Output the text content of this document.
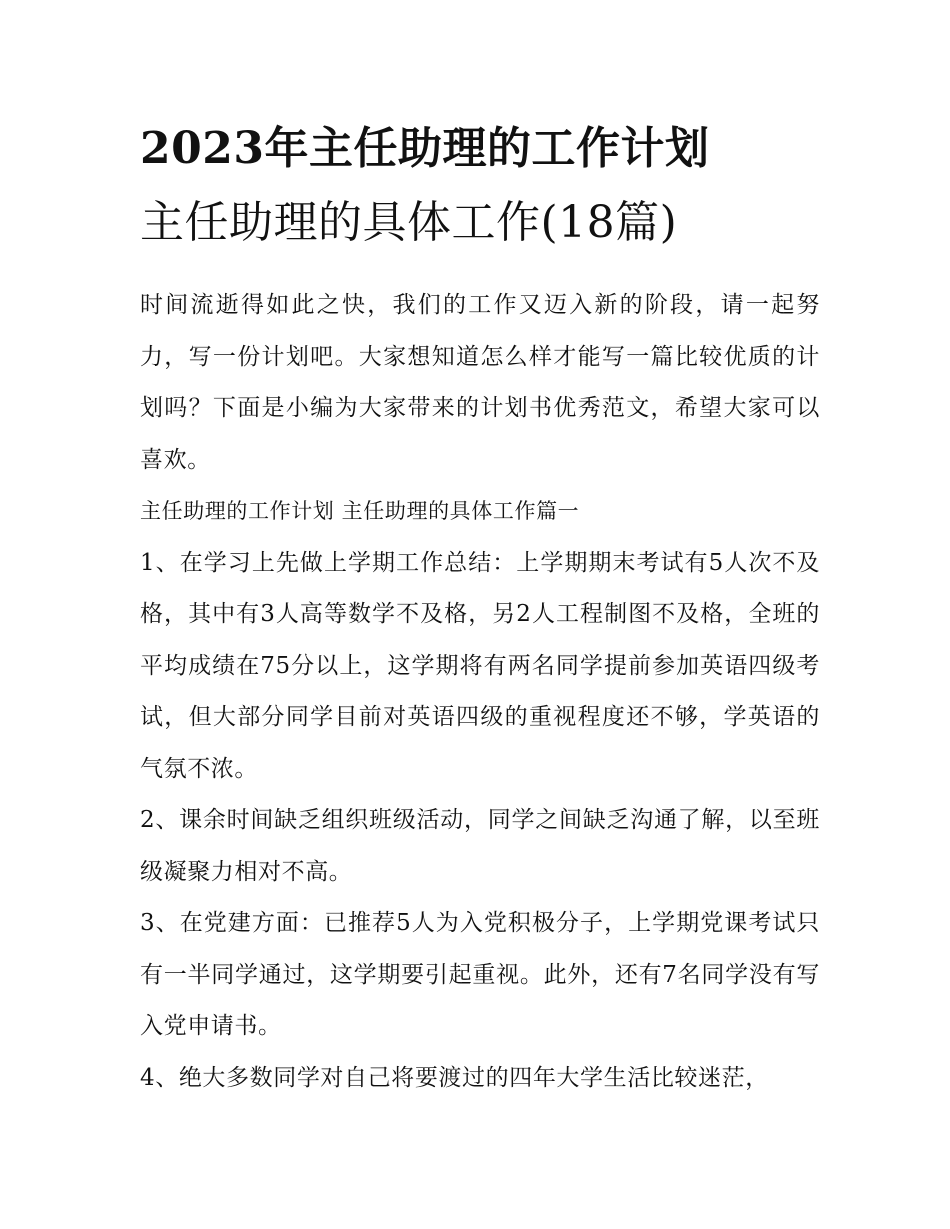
2023年主任助理的工作计划
主任助理的具体工作(18篇)

时间流逝得如此之快，我们的工作又迈入新的阶段，请一起努力，写一份计划吧。大家想知道怎么样才能写一篇比较优质的计划吗？下面是小编为大家带来的计划书优秀范文，希望大家可以喜欢。

主任助理的工作计划 主任助理的具体工作篇一

1、在学习上先做上学期工作总结：上学期期末考试有5人次不及格，其中有3人高等数学不及格，另2人工程制图不及格，全班的平均成绩在75分以上，这学期将有两名同学提前参加英语四级考试，但大部分同学目前对英语四级的重视程度还不够，学英语的气氛不浓。

2、课余时间缺乏组织班级活动，同学之间缺乏沟通了解，以至班级凝聚力相对不高。

3、在党建方面：已推荐5人为入党积极分子，上学期党课考试只有一半同学通过，这学期要引起重视。此外，还有7名同学没有写入党申请书。

4、绝大多数同学对自己将要渡过的四年大学生活比较迷茫，
